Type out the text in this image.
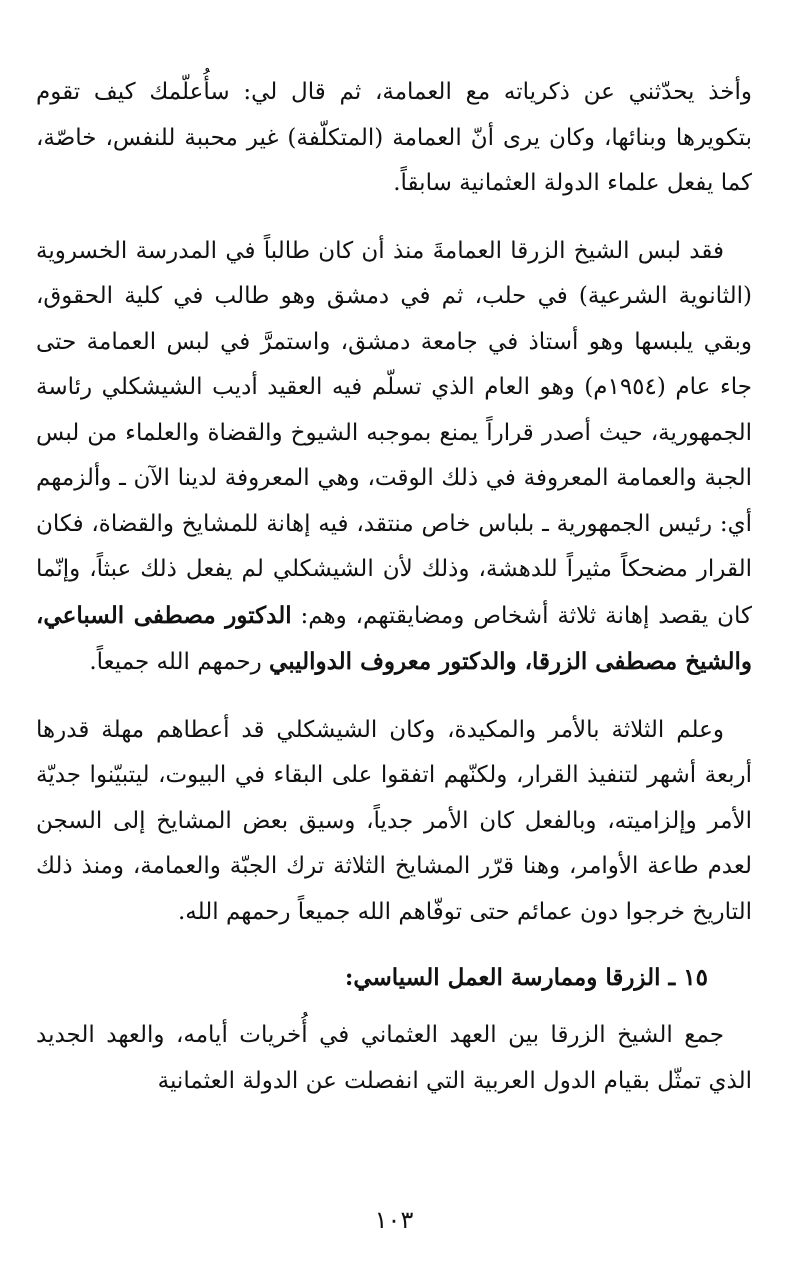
وأخذ يحدّثني عن ذكرياته مع العمامة، ثم قال لي: سأُعلّمك كيف تقوم بتكويرها وبنائها، وكان يرى أنّ العمامة (المتكلّفة) غير محببة للنفس، خاصّة، كما يفعل علماء الدولة العثمانية سابقاً.

فقد لبس الشيخ الزرقا العمامةَ منذ أن كان طالباً في المدرسة الخسروية (الثانوية الشرعية) في حلب، ثم في دمشق وهو طالب في كلية الحقوق، وبقي يلبسها وهو أستاذ في جامعة دمشق، واستمرَّ في لبس العمامة حتى جاء عام (١٩٥٤م) وهو العام الذي تسلّم فيه العقيد أديب الشيشكلي رئاسة الجمهورية، حيث أصدر قراراً يمنع بموجبه الشيوخ والقضاة والعلماء من لبس الجبة والعمامة المعروفة في ذلك الوقت، وهي المعروفة لدينا الآن ـ وألزمهم أي: رئيس الجمهورية ـ بلباس خاص منتقد، فيه إهانة للمشايخ والقضاة، فكان القرار مضحكاً مثيراً للدهشة، وذلك لأن الشيشكلي لم يفعل ذلك عبثاً، وإنّما كان يقصد إهانة ثلاثة أشخاص ومضايقتهم، وهم: الدكتور مصطفى السباعي، والشيخ مصطفى الزرقا، والدكتور معروف الدواليبي رحمهم الله جميعاً.

وعلم الثلاثة بالأمر والمكيدة، وكان الشيشكلي قد أعطاهم مهلة قدرها أربعة أشهر لتنفيذ القرار، ولكنّهم اتفقوا على البقاء في البيوت، ليتبيّنوا جديّة الأمر وإلزاميته، وبالفعل كان الأمر جدياً، وسيق بعض المشايخ إلى السجن لعدم طاعة الأوامر، وهنا قرّر المشايخ الثلاثة ترك الجبّة والعمامة، ومنذ ذلك التاريخ خرجوا دون عمائم حتى توفّاهم الله جميعاً رحمهم الله.

١٥ ـ الزرقا وممارسة العمل السياسي:

جمع الشيخ الزرقا بين العهد العثماني في أُخريات أيامه، والعهد الجديد الذي تمثّل بقيام الدول العربية التي انفصلت عن الدولة العثمانية

١٠٣
